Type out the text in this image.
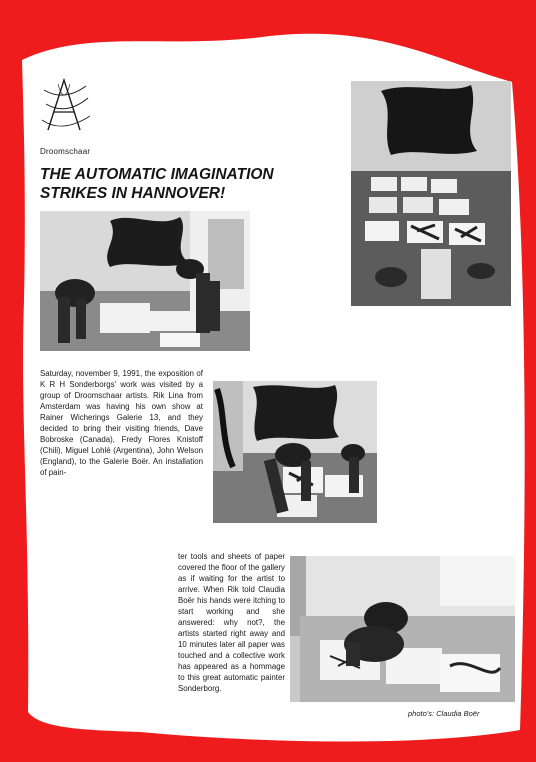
Droomschaar
THE AUTOMATIC IMAGINATION
STRIKES IN HANNOVER!

Saturday, november 9, 1991, the exposition of K R H Sonderborgs' work was visited by a group of Droomschaar artists. Rik Lina from Amsterdam was having his own show at Rainer Wicherings Galerie 13, and they decided to bring their visiting friends, Dave Bobroske (Canada), Fredy Flores Knistoff (Chili), Miguel Lohlé (Argentina), John Welson (England), to the Galerie Boër. An installation of pain-

ter tools and sheets of paper covered the floor of the gallery as if waiting for the artist to arrive. When Rik told Claudia Boër his hands were itching to start working and she answered: why not?, the artists started right away and 10 minutes later all paper was touched and a collective work has appeared as a hommage to this great automatic painter Sonderborg.

photo's: Claudia Boër
